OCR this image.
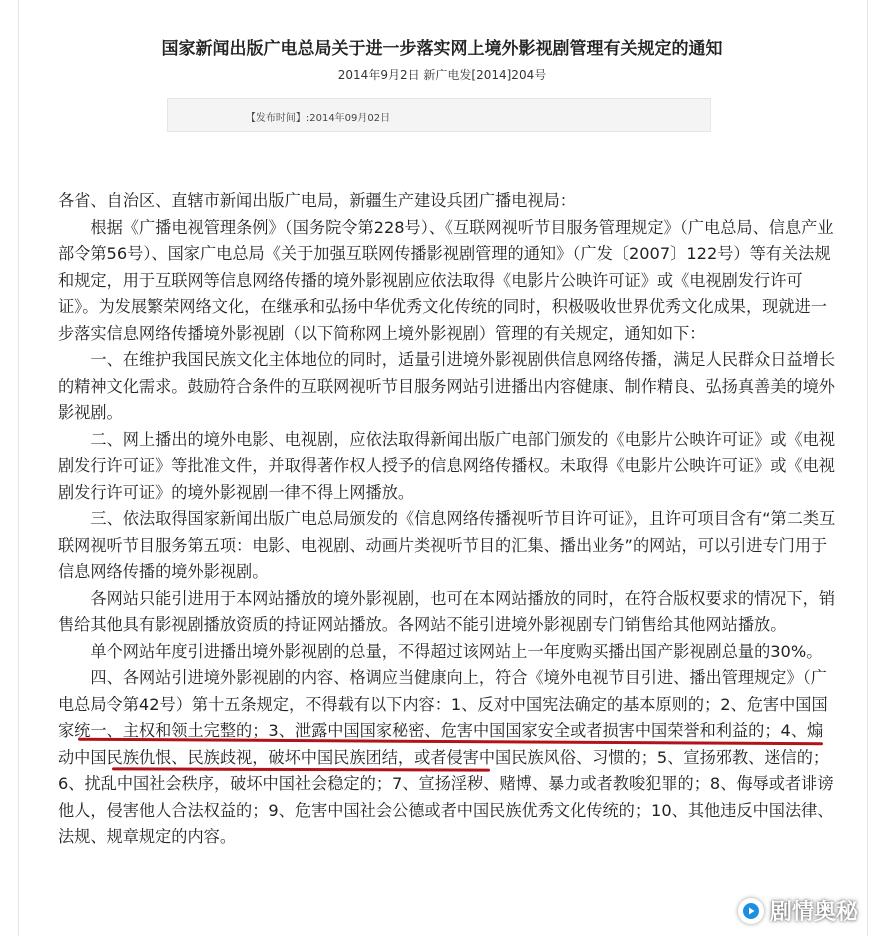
国家新闻出版广电总局关于进一步落实网上境外影视剧管理有关规定的通知
2014年9月2日 新广电发[2014]204号
【发布时间】:2014年09月02日

各省、自治区、直辖市新闻出版广电局，新疆生产建设兵团广播电视局：

根据《广播电视管理条例》（国务院令第228号）、《互联网视听节目服务管理规定》（广电总局、信息产业部令第56号）、国家广电总局《关于加强互联网传播影视剧管理的通知》（广发〔2007〕122号）等有关法规和规定，用于互联网等信息网络传播的境外影视剧应依法取得《电影片公映许可证》或《电视剧发行许可证》。为发展繁荣网络文化，在继承和弘扬中华优秀文化传统的同时，积极吸收世界优秀文化成果，现就进一步落实信息网络传播境外影视剧（以下简称网上境外影视剧）管理的有关规定，通知如下：

一、在维护我国民族文化主体地位的同时，适量引进境外影视剧供信息网络传播，满足人民群众日益增长的精神文化需求。鼓励符合条件的互联网视听节目服务网站引进播出内容健康、制作精良、弘扬真善美的境外影视剧。

二、网上播出的境外电影、电视剧，应依法取得新闻出版广电部门颁发的《电影片公映许可证》或《电视剧发行许可证》等批准文件，并取得著作权人授予的信息网络传播权。未取得《电影片公映许可证》或《电视剧发行许可证》的境外影视剧一律不得上网播放。

三、依法取得国家新闻出版广电总局颁发的《信息网络传播视听节目许可证》，且许可项目含有“第二类互联网视听节目服务第五项：电影、电视剧、动画片类视听节目的汇集、播出业务”的网站，可以引进专门用于信息网络传播的境外影视剧。

各网站只能引进用于本网站播放的境外影视剧，也可在本网站播放的同时，在符合版权要求的情况下，销售给其他具有影视剧播放资质的持证网站播放。各网站不能引进境外影视剧专门销售给其他网站播放。

单个网站年度引进播出境外影视剧的总量，不得超过该网站上一年度购买播出国产影视剧总量的30%。

四、各网站引进境外影视剧的内容、格调应当健康向上，符合《境外电视节目引进、播出管理规定》（广电总局令第42号）第十五条规定，不得载有以下内容：1、反对中国宪法确定的基本原则的；2、危害中国国家统一、主权和领土完整的；3、泄露中国国家秘密、危害中国国家安全或者损害中国荣誉和利益的；4、煽动中国民族仇恨、民族歧视，破坏中国民族团结，或者侵害中国民族风俗、习惯的；5、宣扬邪教、迷信的；6、扰乱中国社会秩序，破坏中国社会稳定的；7、宣扬淫秽、赌博、暴力或者教唆犯罪的；8、侮辱或者诽谤他人，侵害他人合法权益的；9、危害中国社会公德或者中国民族优秀文化传统的；10、其他违反中国法律、法规、规章规定的内容。

剧情奥秘
